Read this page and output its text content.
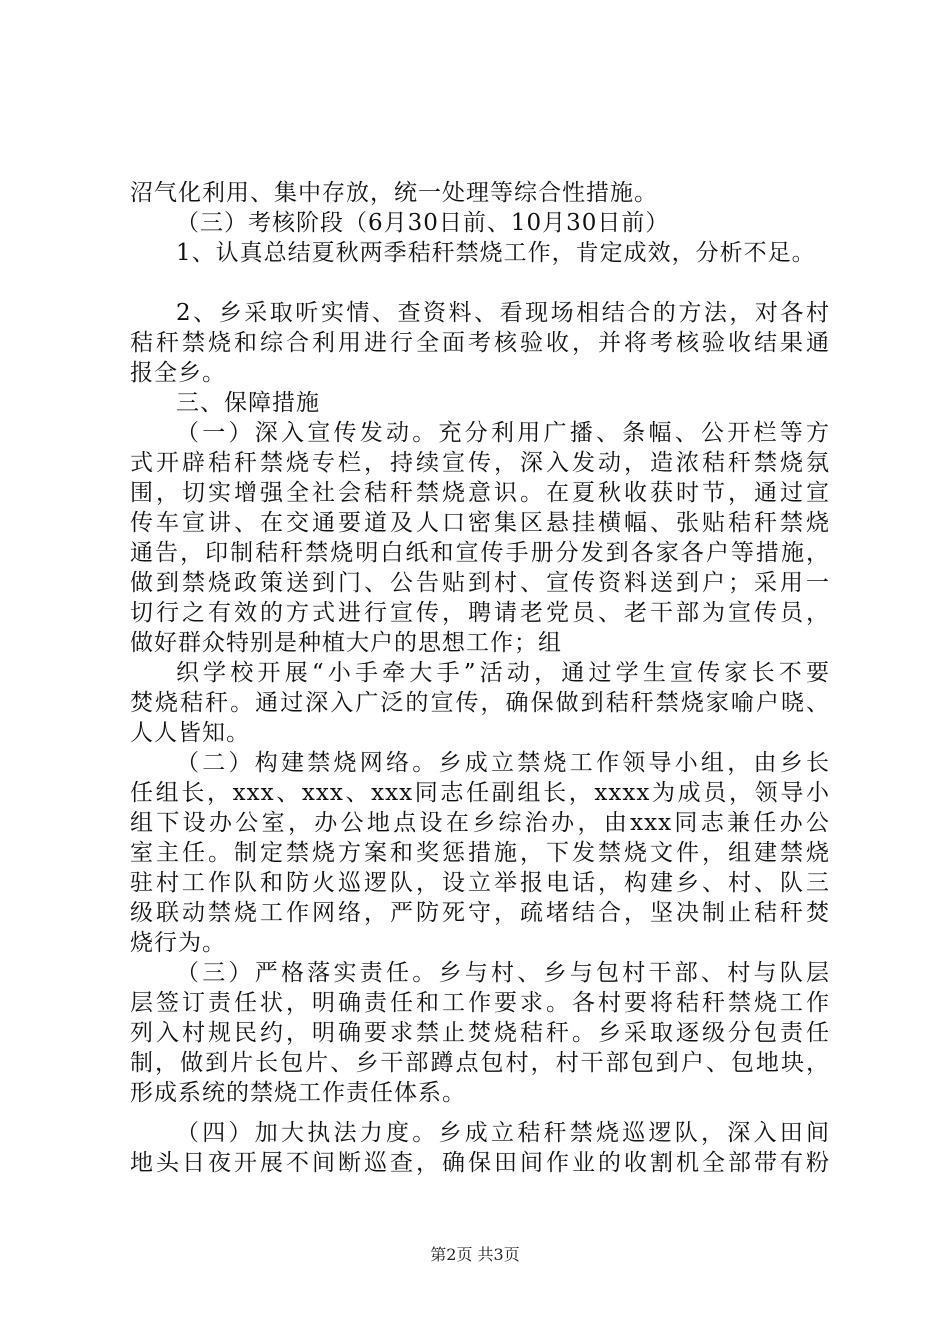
沼气化利用、集中存放，统一处理等综合性措施。
（三）考核阶段（6月30日前、10月30日前）
1、认真总结夏秋两季秸秆禁烧工作，肯定成效，分析不足。
2、乡采取听实情、查资料、看现场相结合的方法，对各村
秸秆禁烧和综合利用进行全面考核验收，并将考核验收结果通
报全乡。
三、保障措施
（一）深入宣传发动。充分利用广播、条幅、公开栏等方
式开辟秸秆禁烧专栏，持续宣传，深入发动，造浓秸秆禁烧氛
围，切实增强全社会秸秆禁烧意识。在夏秋收获时节，通过宣
传车宣讲、在交通要道及人口密集区悬挂横幅、张贴秸秆禁烧
通告，印制秸秆禁烧明白纸和宣传手册分发到各家各户等措施，
做到禁烧政策送到门、公告贴到村、宣传资料送到户；采用一
切行之有效的方式进行宣传，聘请老党员、老干部为宣传员，
做好群众特别是种植大户的思想工作；组
织学校开展“小手牵大手”活动，通过学生宣传家长不要
焚烧秸秆。通过深入广泛的宣传，确保做到秸秆禁烧家喻户晓、
人人皆知。
（二）构建禁烧网络。乡成立禁烧工作领导小组，由乡长
任组长，xxx、xxx、xxx同志任副组长，xxxx为成员，领导小
组下设办公室，办公地点设在乡综治办，由xxx同志兼任办公
室主任。制定禁烧方案和奖惩措施，下发禁烧文件，组建禁烧
驻村工作队和防火巡逻队，设立举报电话，构建乡、村、队三
级联动禁烧工作网络，严防死守，疏堵结合，坚决制止秸秆焚
烧行为。
（三）严格落实责任。乡与村、乡与包村干部、村与队层
层签订责任状，明确责任和工作要求。各村要将秸秆禁烧工作
列入村规民约，明确要求禁止焚烧秸秆。乡采取逐级分包责任
制，做到片长包片、乡干部蹲点包村，村干部包到户、包地块，
形成系统的禁烧工作责任体系。
（四）加大执法力度。乡成立秸秆禁烧巡逻队，深入田间
地头日夜开展不间断巡查，确保田间作业的收割机全部带有粉
第2页 共3页
